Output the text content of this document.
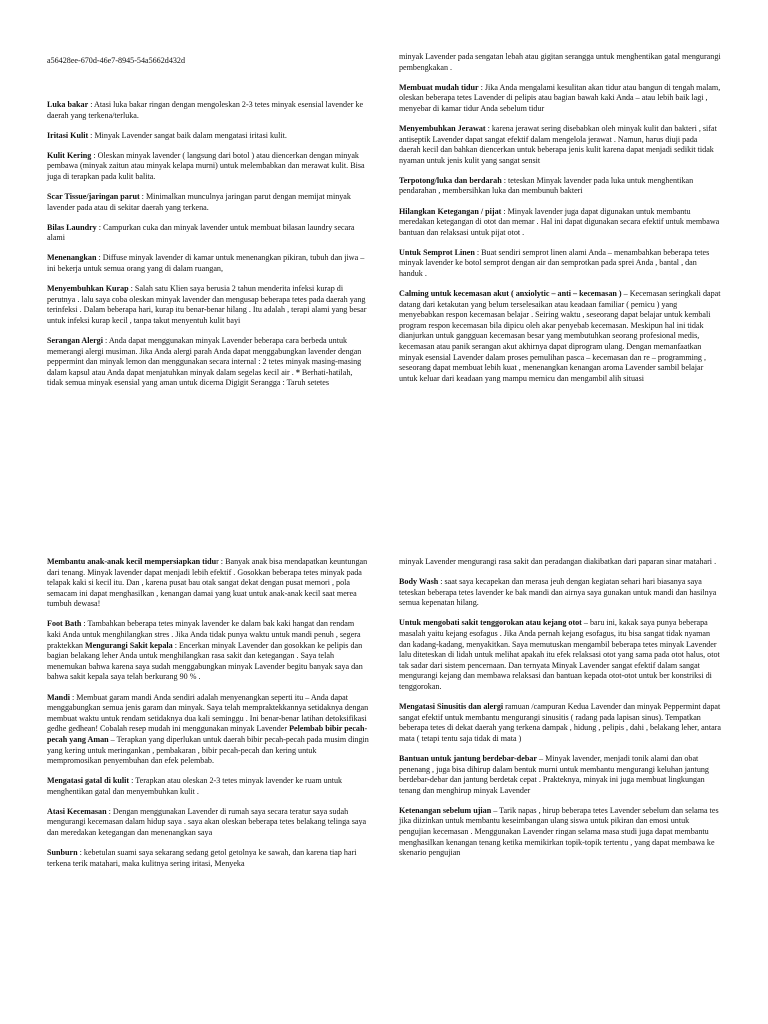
a56428ee-670d-46e7-8945-54a5662d432d

Luka bakar : Atasi luka bakar ringan dengan mengoleskan 2-3 tetes minyak esensial lavender ke daerah yang terkena/terluka.

Iritasi Kulit : Minyak Lavender sangat baik dalam mengatasi iritasi kulit.

Kulit Kering : Oleskan minyak lavender ( langsung dari botol ) atau diencerkan dengan minyak pembawa (minyak zaitun atau minyak kelapa murni) untuk melembabkan dan merawat kulit. Bisa juga di terapkan pada kulit balita.

Scar Tissue/jaringan parut : Minimalkan munculnya jaringan parut dengan memijat minyak lavender pada atau di sekitar daerah yang terkena.

Bilas Laundry : Campurkan cuka dan minyak lavender untuk membuat bilasan laundry secara alami

Menenangkan : Diffuse minyak lavender di kamar untuk menenangkan pikiran, tubuh dan jiwa – ini bekerja untuk semua orang yang di dalam ruangan,

Menyembuhkan Kurap : Salah satu Klien saya berusia 2 tahun menderita infeksi kurap di perutnya . lalu saya coba oleskan minyak lavender dan mengusap beberapa tetes pada daerah yang terinfeksi . Dalam beberapa hari, kurap itu benar-benar hilang . Itu adalah , terapi alami yang besar untuk infeksi kurap kecil , tanpa takut menyentuh kulit bayi

Serangan Alergi : Anda dapat menggunakan minyak Lavender beberapa cara berbeda untuk memerangi alergi musiman. Jika Anda alergi parah Anda dapat menggabungkan lavender dengan peppermint dan minyak lemon dan menggunakan secara internal : 2 tetes minyak masing-masing dalam kapsul atau Anda dapat menjatuhkan minyak dalam segelas kecil air . * Berhati-hatilah, tidak semua minyak esensial yang aman untuk dicerna Digigit Serangga : Taruh setetes

minyak Lavender pada sengatan lebah atau gigitan serangga untuk menghentikan gatal mengurangi pembengkakan .

Membuat mudah tidur : Jika Anda mengalami kesulitan akan tidur atau bangun di tengah malam, oleskan beberapa tetes Lavender di pelipis atau bagian bawah kaki Anda – atau lebih baik lagi , menyebar di kamar tidur Anda sebelum tidur

Menyembuhkan Jerawat : karena jerawat sering disebabkan oleh minyak kulit dan bakteri , sifat antiseptik Lavender dapat sangat efektif dalam mengelola jerawat . Namun, harus diuji pada daerah kecil dan bahkan diencerkan untuk beberapa jenis kulit karena dapat menjadi sedikit tidak nyaman untuk jenis kulit yang sangat sensit

Terpotong/luka dan berdarah : teteskan Minyak lavender pada luka untuk menghentikan pendarahan , membersihkan luka dan membunuh bakteri

Hilangkan Ketegangan / pijat : Minyak lavender juga dapat digunakan untuk membantu meredakan ketegangan di otot dan memar . Hal ini dapat digunakan secara efektif untuk membawa bantuan dan relaksasi untuk pijat otot .

Untuk Semprot Linen : Buat sendiri semprot linen alami Anda – menambahkan beberapa tetes minyak lavender ke botol semprot dengan air dan semprotkan pada sprei Anda , bantal , dan handuk .

Calming untuk kecemasan akut ( anxiolytic – anti – kecemasan ) – Kecemasan seringkali dapat datang dari ketakutan yang belum terselesaikan atau keadaan familiar ( pemicu ) yang menyebabkan respon kecemasan belajar . Seiring waktu , seseorang dapat belajar untuk kembali program respon kecemasan bila dipicu oleh akar penyebab kecemasan. Meskipun hal ini tidak dianjurkan untuk gangguan kecemasan besar yang membutuhkan seorang profesional medis, kecemasan atau panik serangan akut akhirnya dapat diprogram ulang. Dengan memanfaatkan minyak esensial Lavender dalam proses pemulihan pasca – kecemasan dan re – programming , seseorang dapat membuat lebih kuat , menenangkan kenangan aroma Lavender sambil belajar untuk keluar dari keadaan yang mampu memicu dan mengambil alih situasi

Membantu anak-anak kecil mempersiapkan tidur : Banyak anak bisa mendapatkan keuntungan dari tenang. Minyak lavender dapat menjadi lebih efektif . Gosokkan beberapa tetes minyak pada telapak kaki si kecil itu. Dan , karena pusat bau otak sangat dekat dengan pusat memori , pola semacam ini dapat menghasilkan , kenangan damai yang kuat untuk anak-anak kecil saat merea tumbuh dewasa!

Foot Bath : Tambahkan beberapa tetes minyak lavender ke dalam bak kaki hangat dan rendam kaki Anda untuk menghilangkan stres . Jika Anda tidak punya waktu untuk mandi penuh , segera praktekkan Mengurangi Sakit kepala : Encerkan minyak Lavender dan gosokkan ke pelipis dan bagian belakang leher Anda untuk menghilangkan rasa sakit dan ketegangan . Saya telah menemukan bahwa karena saya sudah menggabungkan minyak Lavender begitu banyak saya dan bahwa sakit kepala saya telah berkurang 90 % .

Mandi : Membuat garam mandi Anda sendiri adalah menyenangkan seperti itu – Anda dapat menggabungkan semua jenis garam dan minyak. Saya telah mempraktekkannya setidaknya dengan membuat waktu untuk rendam setidaknya dua kali seminggu . Ini benar-benar latihan detoksifikasi gedhe gedhean! Cobalah resep mudah ini menggunakan minyak Lavender Pelembab bibir pecah-pecah yang Aman – Terapkan yang diperlukan untuk daerah bibir pecah-pecah pada musim dingin yang kering untuk meringankan , pembakaran , bibir pecah-pecah dan kering untuk mempromosikan penyembuhan dan efek pelembab.

Mengatasi gatal di kulit : Terapkan atau oleskan 2-3 tetes minyak lavender ke ruam untuk menghentikan gatal dan menyembuhkan kulit .

Atasi Kecemasan : Dengan menggunakan Lavender di rumah saya secara teratur saya sudah mengurangi kecemasan dalam hidup saya . saya akan oleskan beberapa tetes belakang telinga saya dan meredakan ketegangan dan menenangkan saya

Sunburn : kebetulan suami saya sekarang sedang getol getolnya ke sawah, dan karena tiap hari terkena terik matahari, maka kulitnya sering iritasi, Menyeka

minyak Lavender mengurangi rasa sakit dan peradangan diakibatkan dari paparan sinar matahari .

Body Wash : saat saya kecapekan dan merasa jeuh dengan kegiatan sehari hari biasanya saya teteskan beberapa tetes lavender ke bak mandi dan airnya saya gunakan untuk mandi dan hasilnya semua kepenatan hilang.

Untuk mengobati sakit tenggorokan atau kejang otot – baru ini, kakak saya punya beberapa masalah yaitu kejang esofagus . Jika Anda pernah kejang esofagus, itu bisa sangat tidak nyaman dan kadang-kadang, menyakitkan. Saya memutuskan mengambil beberapa tetes minyak Lavender lalu diteteskan di lidah untuk melihat apakah itu efek relaksasi otot yang sama pada otot halus, otot tak sadar dari sistem pencernaan. Dan ternyata Minyak Lavender sangat efektif dalam sangat mengurangi kejang dan membawa relaksasi dan bantuan kepada otot-otot untuk ber konstriksi di tenggorokan.

Mengatasi Sinusitis dan alergi ramuan /campuran Kedua Lavender dan minyak Peppermint dapat sangat efektif untuk membantu mengurangi sinusitis ( radang pada lapisan sinus). Tempatkan beberapa tetes di dekat daerah yang terkena dampak , hidung , pelipis , dahi , belakang leher, antara mata ( tetapi tentu saja tidak di mata )

Bantuan untuk jantung berdebar-debar – Minyak lavender, menjadi tonik alami dan obat penenang , juga bisa dihirup dalam bentuk murni untuk membantu mengurangi keluhan jantung berdebar-debar dan jantung berdetak cepat . Prakteknya, minyak ini juga membuat lingkungan tenang dan menghirup minyak Lavender

Ketenangan sebelum ujian – Tarik napas , hirup beberapa tetes Lavender sebelum dan selama tes jika diizinkan untuk membantu keseimbangan ulang siswa untuk pikiran dan emosi untuk pengujian kecemasan . Menggunakan Lavender ringan selama masa studi juga dapat membantu menghasilkan kenangan tenang ketika memikirkan topik-topik tertentu , yang dapat membawa ke skenario pengujian
